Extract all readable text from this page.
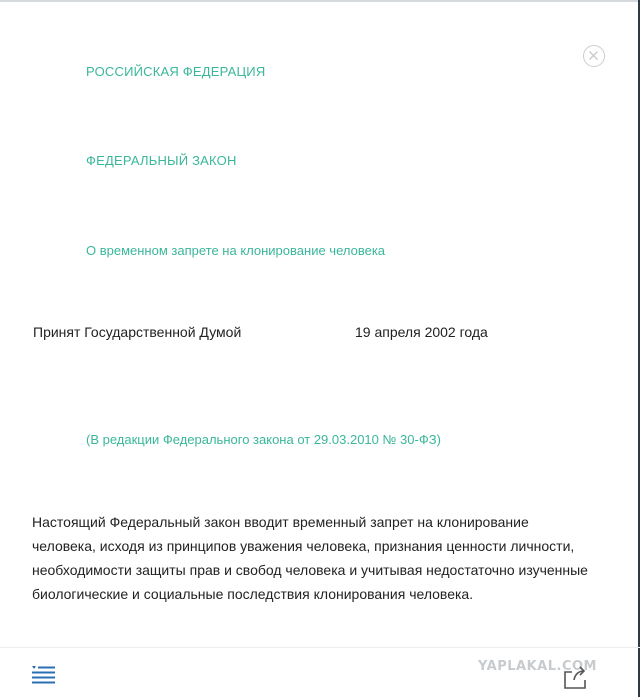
РОССИЙСКАЯ ФЕДЕРАЦИЯ
ФЕДЕРАЛЬНЫЙ ЗАКОН
О временном запрете на клонирование человека
Принят Государственной Думой	19 апреля 2002 года
(В редакции Федерального закона от 29.03.2010 № 30-ФЗ)
Настоящий Федеральный закон вводит временный запрет на клонирование человека, исходя из принципов уважения человека, признания ценности личности, необходимости защиты прав и свобод человека и учитывая недостаточно изученные биологические и социальные последствия клонирования человека.
YAPLAKAL.COM
